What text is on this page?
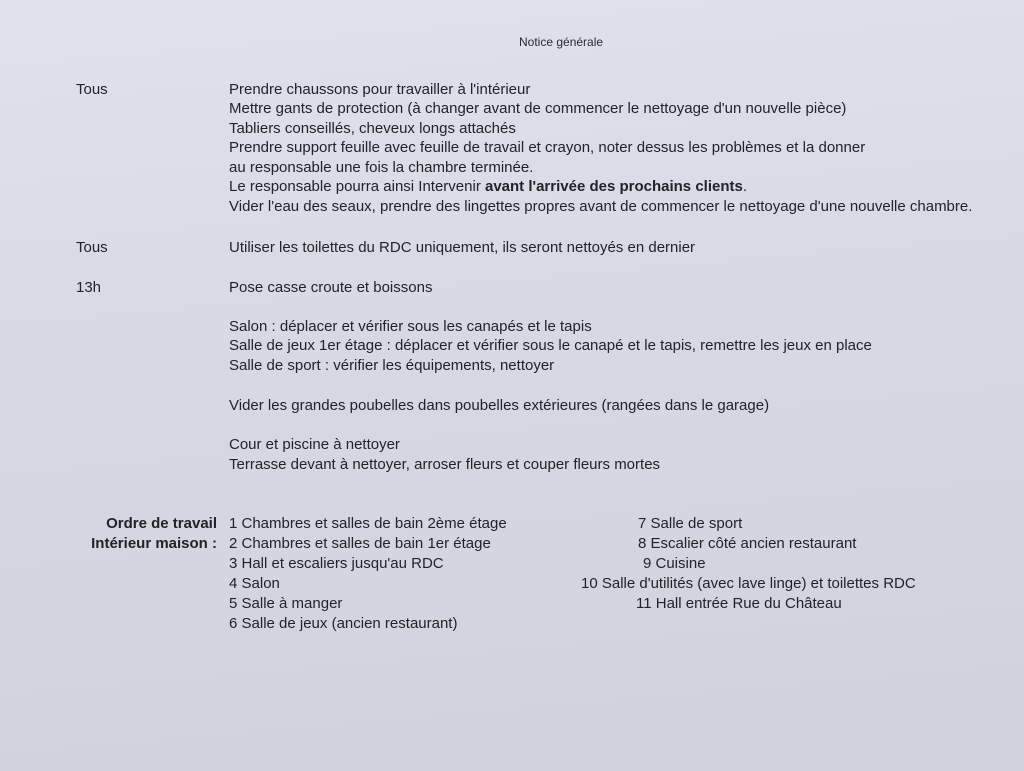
Notice générale
Tous	Prendre chaussons pour travailler à l'intérieur
Mettre gants de protection (à changer avant de commencer le nettoyage d'un nouvelle pièce)
Tabliers conseillés, cheveux longs attachés
Prendre support feuille avec feuille de travail et crayon, noter dessus les problèmes et la donner
au responsable une fois la chambre terminée.
Le responsable pourra ainsi Intervenir avant l'arrivée des prochains clients.
Vider l'eau des seaux, prendre des lingettes propres avant de commencer le nettoyage d'une nouvelle chambre.
Tous	Utiliser les toilettes du RDC uniquement, ils seront nettoyés en dernier
13h	Pose casse croute et boissons
Salon : déplacer et vérifier sous les canapés et le tapis
Salle de jeux 1er étage : déplacer et vérifier sous le canapé et le tapis, remettre les jeux en place
Salle de sport : vérifier les équipements, nettoyer
Vider les grandes poubelles dans poubelles extérieures (rangées dans le garage)
Cour et piscine à nettoyer
Terrasse devant à nettoyer, arroser fleurs et couper fleurs mortes
Ordre de travail
Intérieur maison :
1 Chambres et salles de bain 2ème étage
2 Chambres et salles de bain 1er étage
3 Hall et escaliers jusqu'au RDC
4 Salon
5 Salle à manger
6 Salle de jeux (ancien restaurant)
7 Salle de sport
8 Escalier côté ancien restaurant
9 Cuisine
10 Salle d'utilités (avec lave linge) et toilettes RDC
11 Hall entrée Rue du Château
